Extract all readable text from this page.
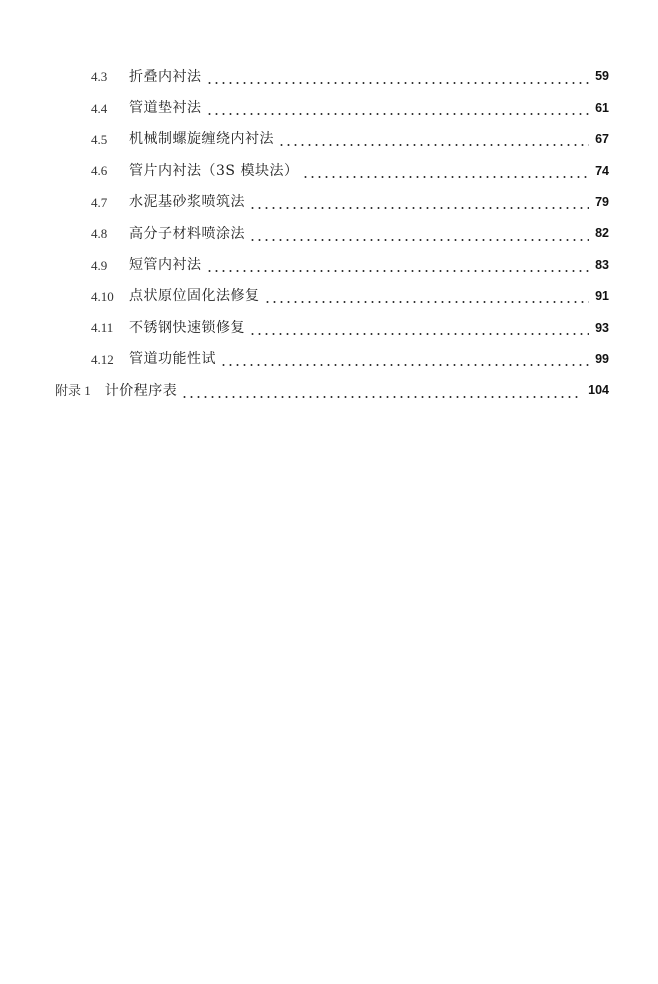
4.3	折叠内衬法	59
4.4	管道垫衬法	61
4.5	机械制螺旋缠绕内衬法	67
4.6	管片内衬法（3S 模块法）	74
4.7	水泥基砂浆喷筑法	79
4.8	高分子材料喷涂法	82
4.9	短管内衬法	83
4.10	点状原位固化法修复	91
4.11	不锈钢快速锁修复	93
4.12	管道功能性试	99
附录 1 计价程序表	104
